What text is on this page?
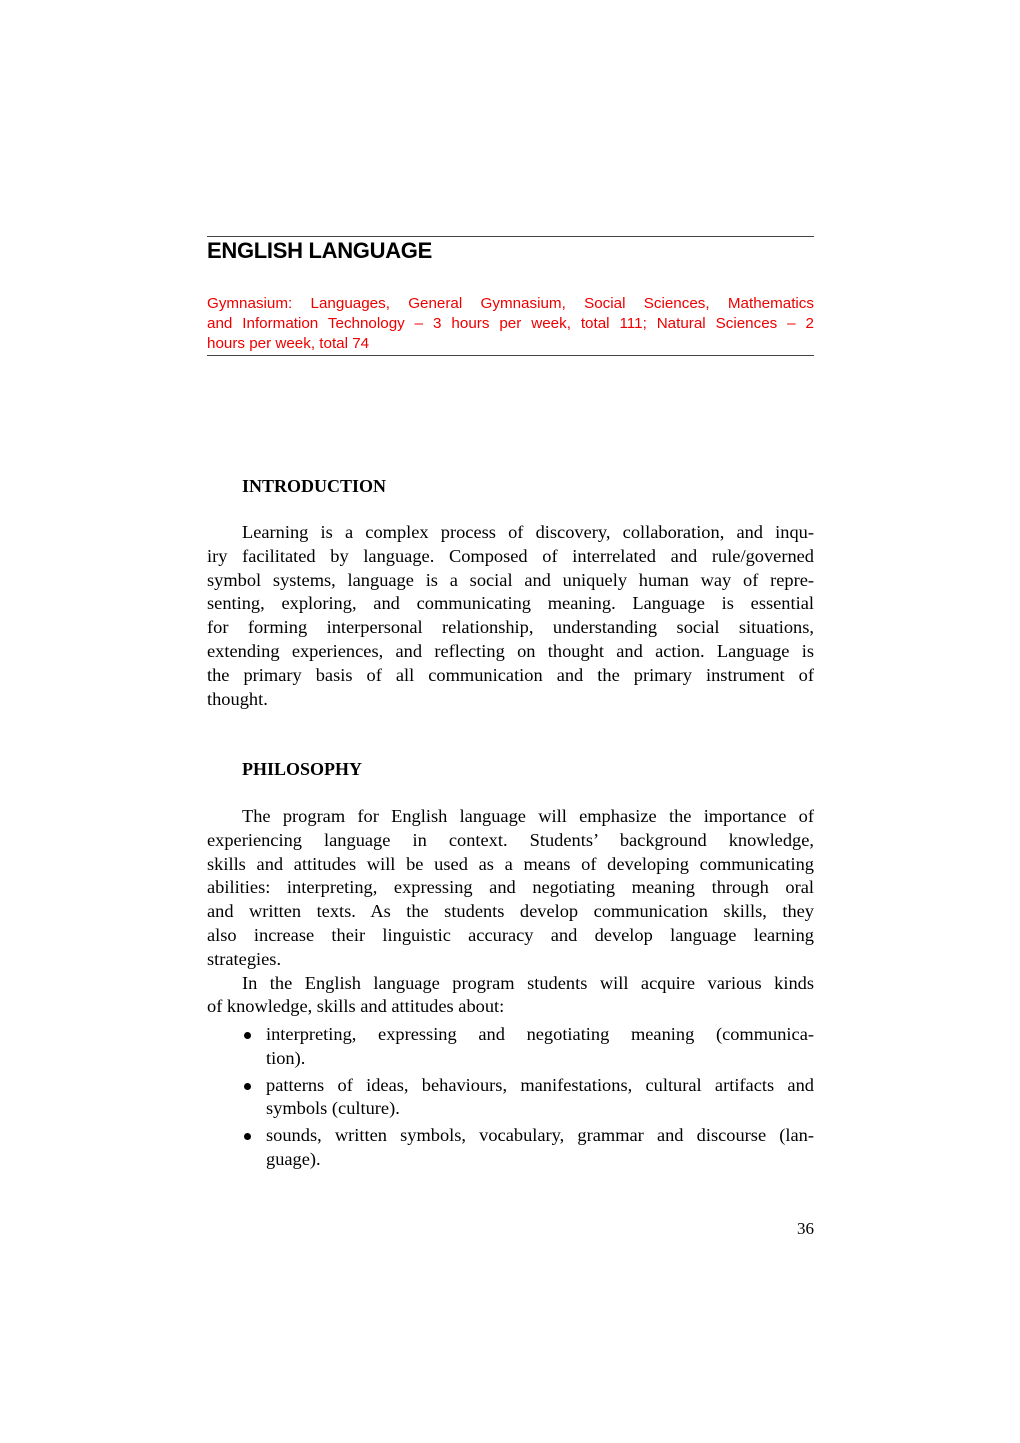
ENGLISH LANGUAGE
Gymnasium: Languages, General Gymnasium, Social Sciences, Mathematics
and Information Technology – 3 hours per week, total 111; Natural Sciences – 2
hours per week, total 74
INTRODUCTION
Learning is a complex process of discovery, collaboration, and inqu-
iry facilitated by language. Composed of interrelated and rule/governed
symbol systems, language is a social and uniquely human way of repre-
senting, exploring, and communicating meaning. Language is essential
for forming interpersonal relationship, understanding social situations,
extending experiences, and reflecting on thought and action. Language is
the primary basis of all communication and the primary instrument of
thought.
PHILOSOPHY
The program for English language will emphasize the importance of
experiencing language in context. Students’ background knowledge,
skills and attitudes will be used as a means of developing communicating
abilities: interpreting, expressing and negotiating meaning through oral
and written texts. As the students develop communication skills, they
also increase their linguistic accuracy and develop language learning
strategies.
In the English language program students will acquire various kinds
of knowledge, skills and attitudes about:
interpreting, expressing and negotiating meaning (communica-
tion).
patterns of ideas, behaviours, manifestations, cultural artifacts and
symbols (culture).
sounds, written symbols, vocabulary, grammar and discourse (lan-
guage).
36
